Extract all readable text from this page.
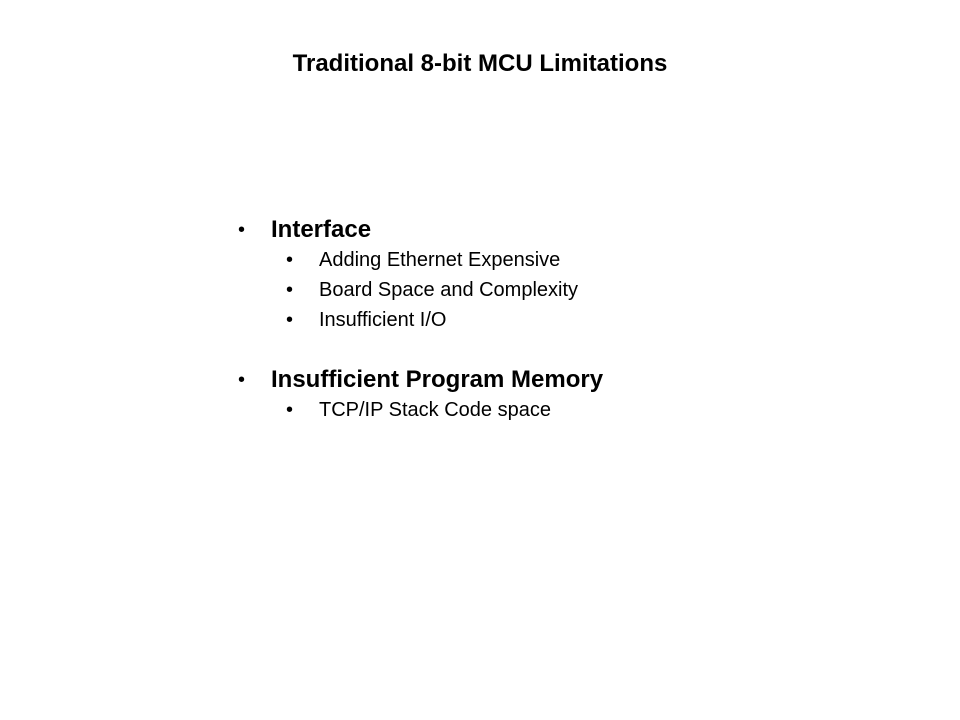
Traditional 8-bit MCU Limitations
• Interface
• Adding Ethernet Expensive
• Board Space and Complexity
• Insufficient I/O
• Insufficient Program Memory
• TCP/IP Stack Code space
